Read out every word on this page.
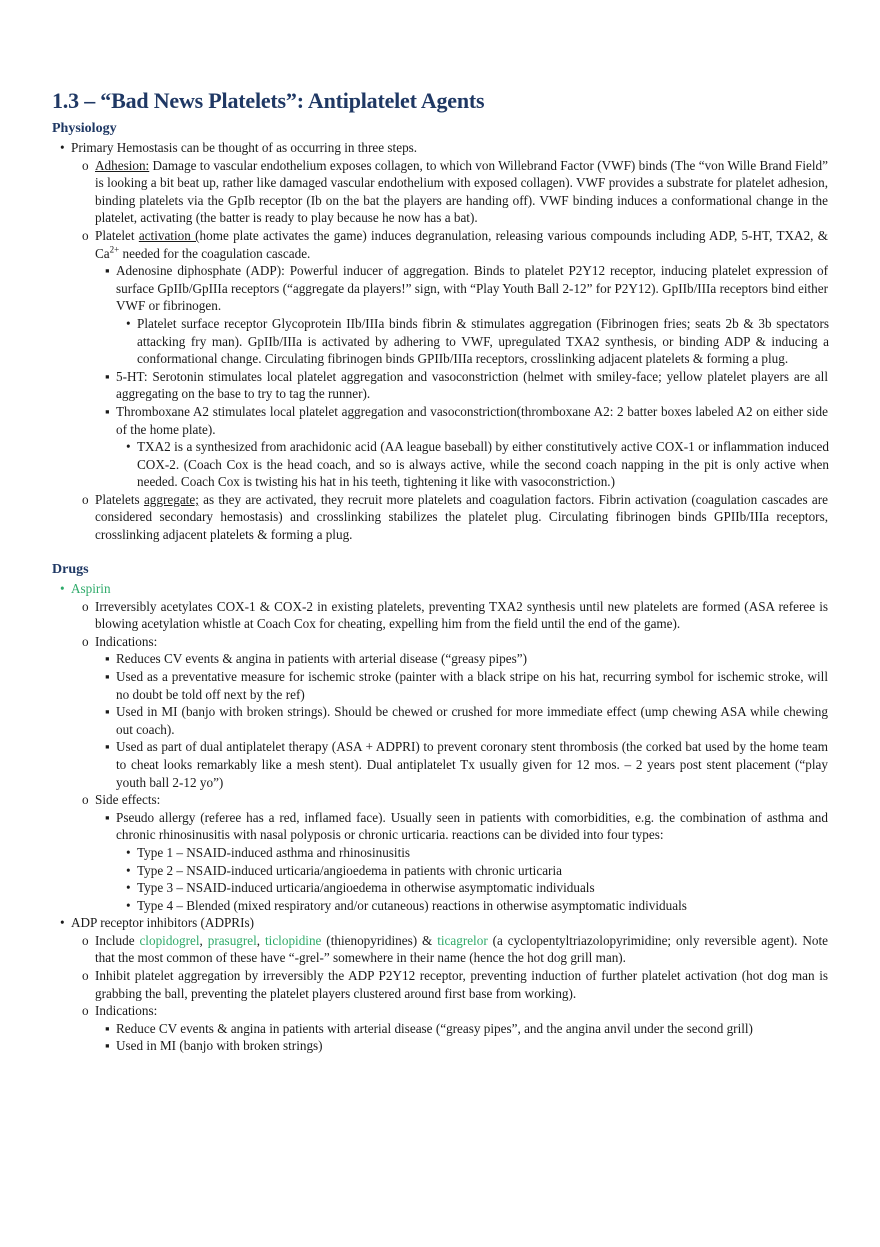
1.3 – “Bad News Platelets”: Antiplatelet Agents
Physiology
• Primary Hemostasis can be thought of as occurring in three steps.
o Adhesion: Damage to vascular endothelium exposes collagen, to which von Willebrand Factor (VWF) binds (The “von Wille Brand Field” is looking a bit beat up, rather like damaged vascular endothelium with exposed collagen). VWF provides a substrate for platelet adhesion, binding platelets via the GpIb receptor (Ib on the bat the players are handing off). VWF binding induces a conformational change in the platelet, activating (the batter is ready to play because he now has a bat).
o Platelet activation (home plate activates the game) induces degranulation, releasing various compounds including ADP, 5-HT, TXA2, & $Ca^{2+}$ needed for the coagulation cascade.
▪ Adenosine diphosphate (ADP): Powerful inducer of aggregation. Binds to platelet P2Y12 receptor, inducing platelet expression of surface GpIIb/GpIIIa receptors (“aggregate da players!” sign, with “Play Youth Ball 2-12” for P2Y12). GpIIb/IIIa receptors bind either VWF or fibrinogen.
• Platelet surface receptor Glycoprotein IIb/IIIa binds fibrin & stimulates aggregation (Fibrinogen fries; seats 2b & 3b spectators attacking fry man). GpIIb/IIIa is activated by adhering to VWF, upregulated TXA2 synthesis, or binding ADP & inducing a conformational change. Circulating fibrinogen binds GPIIb/IIIa receptors, crosslinking adjacent platelets & forming a plug.
▪ 5-HT: Serotonin stimulates local platelet aggregation and vasoconstriction (helmet with smiley-face; yellow platelet players are all aggregating on the base to try to tag the runner).
▪ Thromboxane A2 stimulates local platelet aggregation and vasoconstriction(thromboxane A2: 2 batter boxes labeled A2 on either side of the home plate).
• TXA2 is a synthesized from arachidonic acid (AA league baseball) by either constitutively active COX-1 or inflammation induced COX-2. (Coach Cox is the head coach, and so is always active, while the second coach napping in the pit is only active when needed. Coach Cox is twisting his hat in his teeth, tightening it like with vasoconstriction.)
o Platelets aggregate; as they are activated, they recruit more platelets and coagulation factors. Fibrin activation (coagulation cascades are considered secondary hemostasis) and crosslinking stabilizes the platelet plug. Circulating fibrinogen binds GPIIb/IIIa receptors, crosslinking adjacent platelets & forming a plug.
Drugs
• Aspirin
o Irreversibly acetylates COX-1 & COX-2 in existing platelets, preventing TXA2 synthesis until new platelets are formed (ASA referee is blowing acetylation whistle at Coach Cox for cheating, expelling him from the field until the end of the game).
o Indications:
▪ Reduces CV events & angina in patients with arterial disease (“greasy pipes”)
▪ Used as a preventative measure for ischemic stroke (painter with a black stripe on his hat, recurring symbol for ischemic stroke, will no doubt be told off next by the ref)
▪ Used in MI (banjo with broken strings). Should be chewed or crushed for more immediate effect (ump chewing ASA while chewing out coach).
▪ Used as part of dual antiplatelet therapy (ASA + ADPRI) to prevent coronary stent thrombosis (the corked bat used by the home team to cheat looks remarkably like a mesh stent). Dual antiplatelet Tx usually given for 12 mos. – 2 years post stent placement (“play youth ball 2-12 yo”)
o Side effects:
▪ Pseudo allergy (referee has a red, inflamed face). Usually seen in patients with comorbidities, e.g. the combination of asthma and chronic rhinosinusitis with nasal polyposis or chronic urticaria. reactions can be divided into four types:
• Type 1 – NSAID-induced asthma and rhinosinusitis
• Type 2 – NSAID-induced urticaria/angioedema in patients with chronic urticaria
• Type 3 – NSAID-induced urticaria/angioedema in otherwise asymptomatic individuals
• Type 4 – Blended (mixed respiratory and/or cutaneous) reactions in otherwise asymptomatic individuals
• ADP receptor inhibitors (ADPRIs)
o Include clopidogrel, prasugrel, ticlopidine (thienopyridines) & ticagrelor (a cyclopentyltriazolopyrimidine; only reversible agent). Note that the most common of these have “-grel-” somewhere in their name (hence the hot dog grill man).
o Inhibit platelet aggregation by irreversibly the ADP P2Y12 receptor, preventing induction of further platelet activation (hot dog man is grabbing the ball, preventing the platelet players clustered around first base from working).
o Indications:
▪ Reduce CV events & angina in patients with arterial disease (“greasy pipes”, and the angina anvil under the second grill)
▪ Used in MI (banjo with broken strings)
